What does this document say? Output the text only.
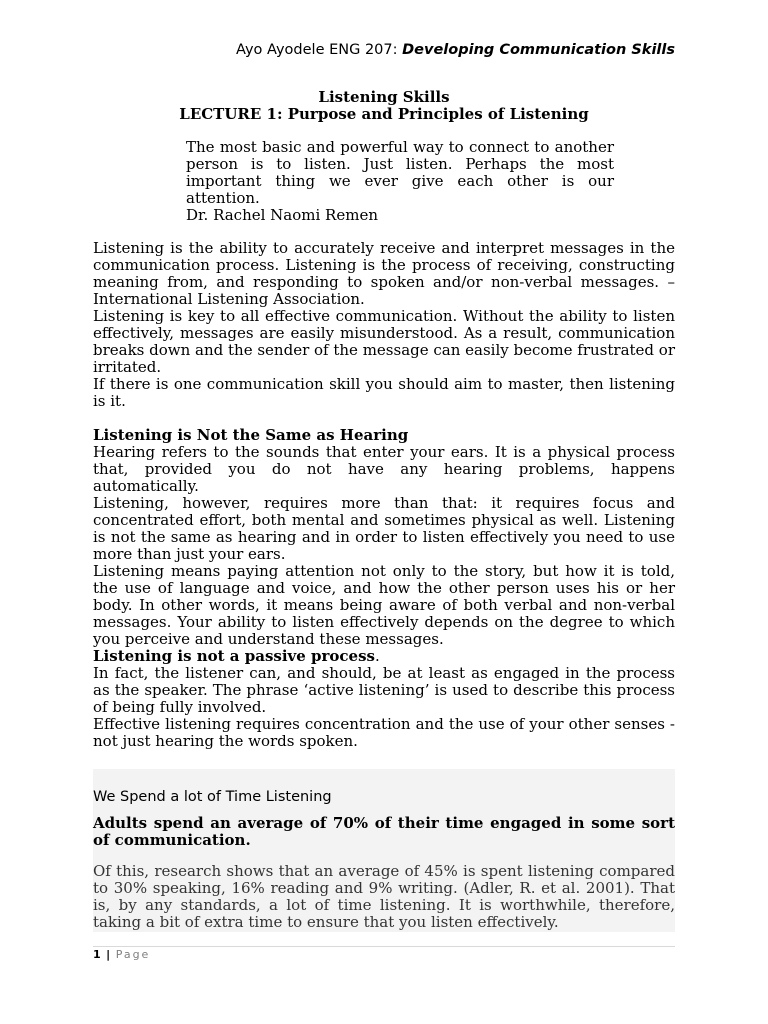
Ayo Ayodele ENG 207: Developing Communication Skills
Listening Skills
LECTURE 1: Purpose and Principles of Listening

The most basic and powerful way to connect to another person is to listen. Just listen. Perhaps the most important thing we ever give each other is our attention.

Dr. Rachel Naomi Remen

Listening is the ability to accurately receive and interpret messages in the communication process. Listening is the process of receiving, constructing meaning from, and responding to spoken and/or non-verbal messages. – International Listening Association.

Listening is key to all effective communication. Without the ability to listen effectively, messages are easily misunderstood. As a result, communication breaks down and the sender of the message can easily become frustrated or irritated.

If there is one communication skill you should aim to master, then listening is it.

Listening is Not the Same as Hearing

Hearing refers to the sounds that enter your ears. It is a physical process that, provided you do not have any hearing problems, happens automatically.

Listening, however, requires more than that: it requires focus and concentrated effort, both mental and sometimes physical as well. Listening is not the same as hearing and in order to listen effectively you need to use more than just your ears.

Listening means paying attention not only to the story, but how it is told, the use of language and voice, and how the other person uses his or her body. In other words, it means being aware of both verbal and non-verbal messages. Your ability to listen effectively depends on the degree to which you perceive and understand these messages.

Listening is not a passive process.

In fact, the listener can, and should, be at least as engaged in the process as the speaker. The phrase ‘active listening’ is used to describe this process of being fully involved.

Effective listening requires concentration and the use of your other senses - not just hearing the words spoken.

We Spend a lot of Time Listening

Adults spend an average of 70% of their time engaged in some sort of communication.

Of this, research shows that an average of 45% is spent listening compared to 30% speaking, 16% reading and 9% writing. (Adler, R. et al. 2001). That is, by any standards, a lot of time listening. It is worthwhile, therefore, taking a bit of extra time to ensure that you listen effectively.

1 | Page
